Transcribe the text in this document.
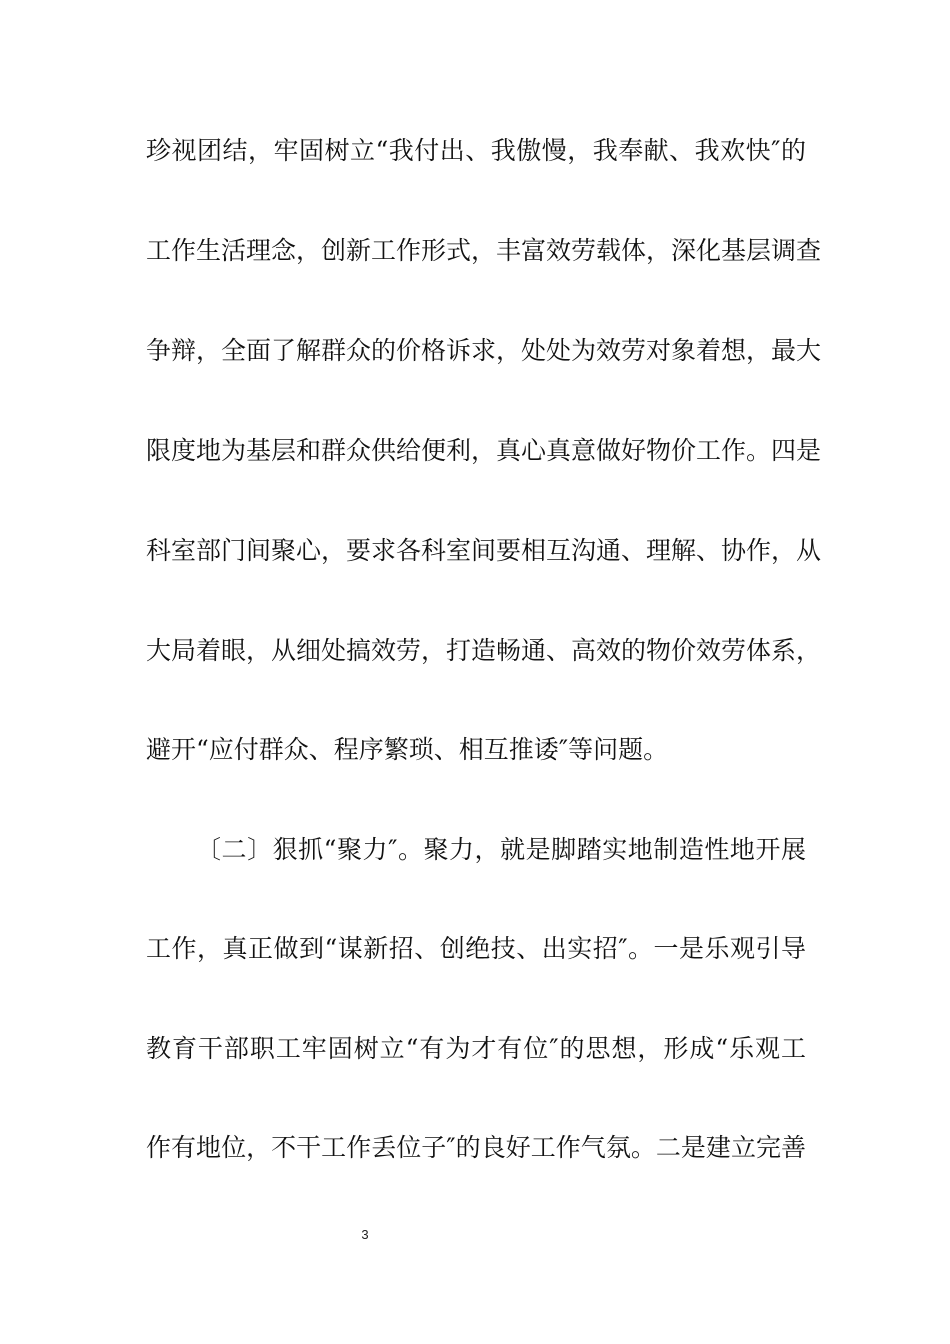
珍视团结，牢固树立“我付出、我傲慢，我奉献、我欢快″的
工作生活理念，创新工作形式，丰富效劳载体，深化基层调查
争辩，全面了解群众的价格诉求，处处为效劳对象着想，最大
限度地为基层和群众供给便利，真心真意做好物价工作。四是
科室部门间聚心，要求各科室间要相互沟通、理解、协作，从
大局着眼，从细处搞效劳，打造畅通、高效的物价效劳体系，
避开“应付群众、程序繁琐、相互推诿″等问题。
〔二〕狠抓“聚力″。聚力，就是脚踏实地制造性地开展
工作，真正做到“谋新招、创绝技、出实招″。一是乐观引导
教育干部职工牢固树立“有为才有位″的思想，形成“乐观工
作有地位，不干工作丢位子″的良好工作气氛。二是建立完善
3
